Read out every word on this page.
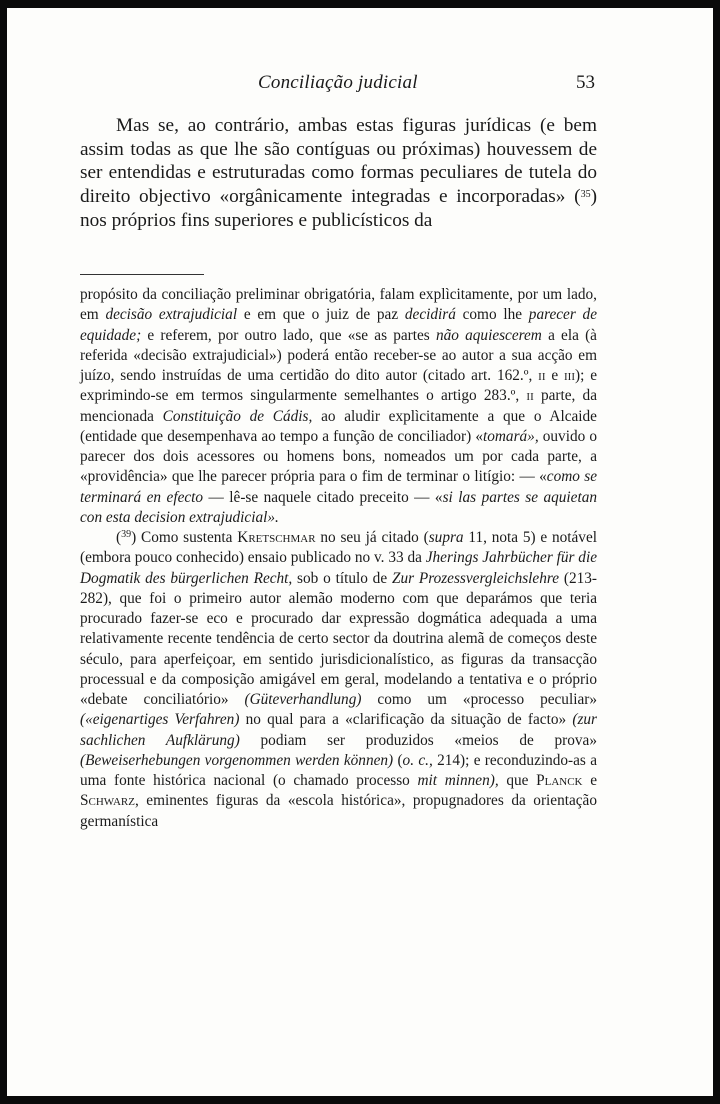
Conciliação judicial	53

Mas se, ao contrário, ambas estas figuras jurídicas (e bem assim todas as que lhe são contíguas ou próximas) houvessem de ser entendidas e estruturadas como formas peculiares de tutela do direito objectivo «orgânicamente integradas e incorporadas» ($^{35}$) nos próprios fins superiores e publicísticos da

propósito da conciliação preliminar obrigatória, falam explìcitamente, por um lado, em decisão extrajudicial e em que o juiz de paz decidirá como lhe parecer de equidade; e referem, por outro lado, que «se as partes não aquiescerem a ela (à referida «decisão extrajudicial») poderá então receber-se ao autor a sua acção em juízo, sendo instruídas de uma certidão do dito autor (citado art. 162.º, ii e iii); e exprimindo-se em termos singularmente semelhantes o artigo 283.º, ii parte, da mencionada Constituição de Cádis, ao aludir explìcitamente a que o Alcaide (entidade que desempenhava ao tempo a função de conciliador) «tomará», ouvido o parecer dos dois acessores ou homens bons, nomeados um por cada parte, a «providência» que lhe parecer própria para o fim de terminar o litígio: — «como se terminará en efecto — lê-se naquele citado preceito — «si las partes se aquietan con esta decision extrajudicial».

($^{39}$) Como sustenta Kretschmar no seu já citado (supra 11, nota 5) e notável (embora pouco conhecido) ensaio publicado no v. 33 da Jherings Jahrbücher für die Dogmatik des bürgerlichen Recht, sob o título de Zur Prozessvergleichslehre (213-282), que foi o primeiro autor alemão moderno com que deparámos que teria procurado fazer-se eco e procurado dar expressão dogmática adequada a uma relativamente recente tendência de certo sector da doutrina alemã de começos deste século, para aperfeiçoar, em sentido jurisdicionalístico, as figuras da transacção processual e da composição amigável em geral, modelando a tentativa e o próprio «debate conciliatório» (Güteverhandlung) como um «processo peculiar» («eigenartiges Verfahren) no qual para a «clarificação da situação de facto» (zur sachlichen Aufklärung) podiam ser produzidos «meios de prova» (Beweiserhebungen vorgenommen werden können) (o. c., 214); e reconduzindo-as a uma fonte histórica nacional (o chamado processo mit minnen), que Planck e Schwarz, eminentes figuras da «escola histórica», propugnadores da orientação germanística
